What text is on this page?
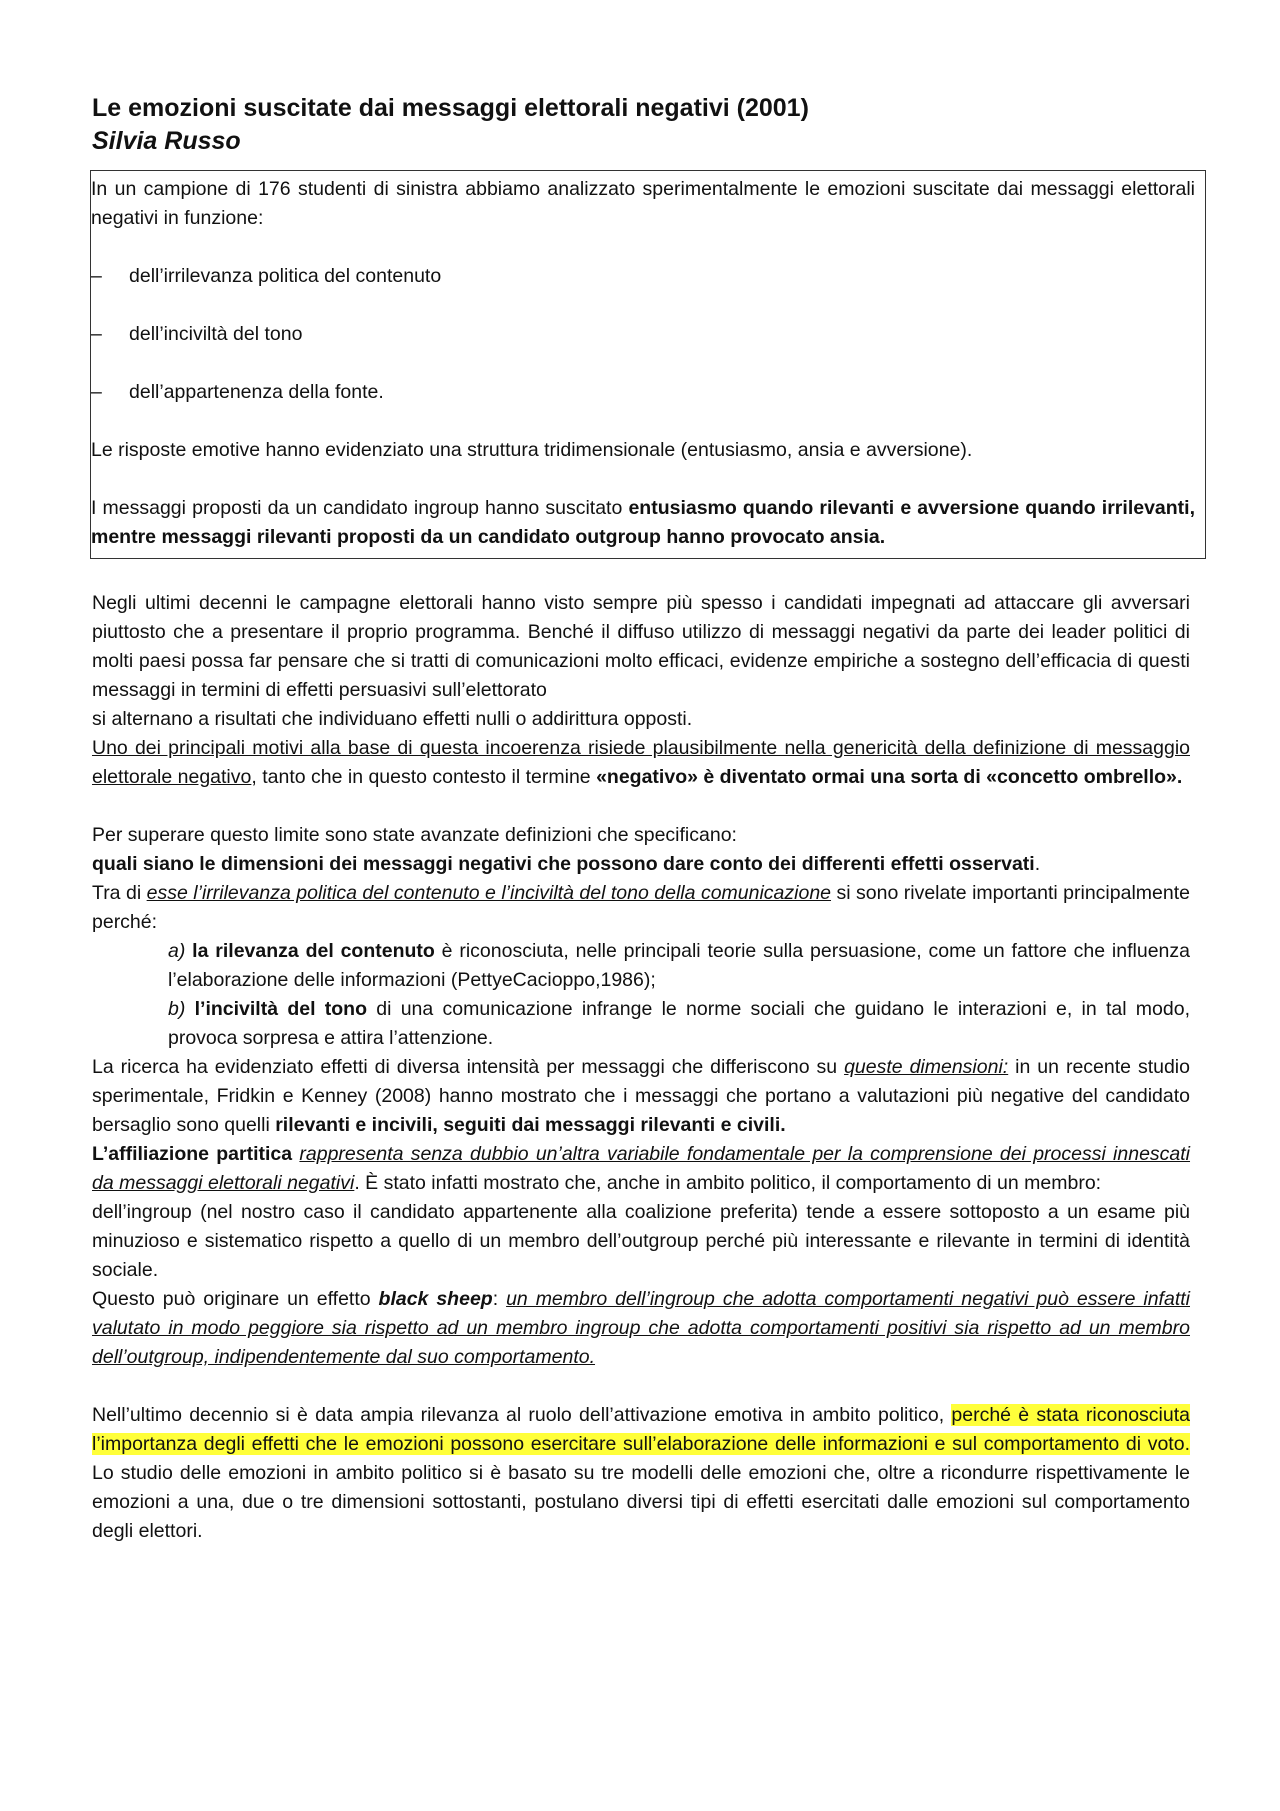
Le emozioni suscitate dai messaggi elettorali negativi (2001)
Silvia Russo

In un campione di 176 studenti di sinistra abbiamo analizzato sperimentalmente le emozioni suscitate dai messaggi elettorali negativi in funzione:

–	dell’irrilevanza politica del contenuto
–	dell’inciviltà del tono
–	dell’appartenenza della fonte.

Le risposte emotive hanno evidenziato una struttura tridimensionale (entusiasmo, ansia e avversione).

I messaggi proposti da un candidato ingroup hanno suscitato entusiasmo quando rilevanti e avversione quando irrilevanti, mentre messaggi rilevanti proposti da un candidato outgroup hanno provocato ansia.

Negli ultimi decenni le campagne elettorali hanno visto sempre più spesso i candidati impegnati ad attaccare gli avversari piuttosto che a presentare il proprio programma. Benché il diffuso utilizzo di messaggi negativi da parte dei leader politici di molti paesi possa far pensare che si tratti di comunicazioni molto efficaci, evidenze empiriche a sostegno dell’efficacia di questi messaggi in termini di effetti persuasivi sull’elettorato

si alternano a risultati che individuano effetti nulli o addirittura opposti.

Uno dei principali motivi alla base di questa incoerenza risiede plausibilmente nella genericità della definizione di messaggio elettorale negativo, tanto che in questo contesto il termine «negativo» è diventato ormai una sorta di «concetto ombrello».

Per superare questo limite sono state avanzate definizioni che specificano:

quali siano le dimensioni dei messaggi negativi che possono dare conto dei differenti effetti osservati.

Tra di esse l’irrilevanza politica del contenuto e l’inciviltà del tono della comunicazione si sono rivelate importanti principalmente perché:

a) la rilevanza del contenuto è riconosciuta, nelle principali teorie sulla persuasione, come un fattore che influenza l’elaborazione delle informazioni (PettyeCacioppo,1986);

b) l’inciviltà del tono di una comunicazione infrange le norme sociali che guidano le interazioni e, in tal modo, provoca sorpresa e attira l’attenzione.

La ricerca ha evidenziato effetti di diversa intensità per messaggi che differiscono su queste dimensioni: in un recente studio sperimentale, Fridkin e Kenney (2008) hanno mostrato che i messaggi che portano a valutazioni più negative del candidato bersaglio sono quelli rilevanti e incivili, seguiti dai messaggi rilevanti e civili.

L’affiliazione partitica rappresenta senza dubbio un’altra variabile fondamentale per la comprensione dei processi innescati da messaggi elettorali negativi. È stato infatti mostrato che, anche in ambito politico, il comportamento di un membro:

dell’ingroup (nel nostro caso il candidato appartenente alla coalizione preferita) tende a essere sottoposto a un esame più minuzioso e sistematico rispetto a quello di un membro dell’outgroup perché più interessante e rilevante in termini di identità sociale.

Questo può originare un effetto black sheep: un membro dell’ingroup che adotta comportamenti negativi può essere infatti valutato in modo peggiore sia rispetto ad un membro ingroup che adotta comportamenti positivi sia rispetto ad un membro dell’outgroup, indipendentemente dal suo comportamento.

Nell’ultimo decennio si è data ampia rilevanza al ruolo dell’attivazione emotiva in ambito politico, perché è stata riconosciuta l’importanza degli effetti che le emozioni possono esercitare sull’elaborazione delle informazioni e sul comportamento di voto. Lo studio delle emozioni in ambito politico si è basato su tre modelli delle emozioni che, oltre a ricondurre rispettivamente le emozioni a una, due o tre dimensioni sottostanti, postulano diversi tipi di effetti esercitati dalle emozioni sul comportamento degli elettori.
